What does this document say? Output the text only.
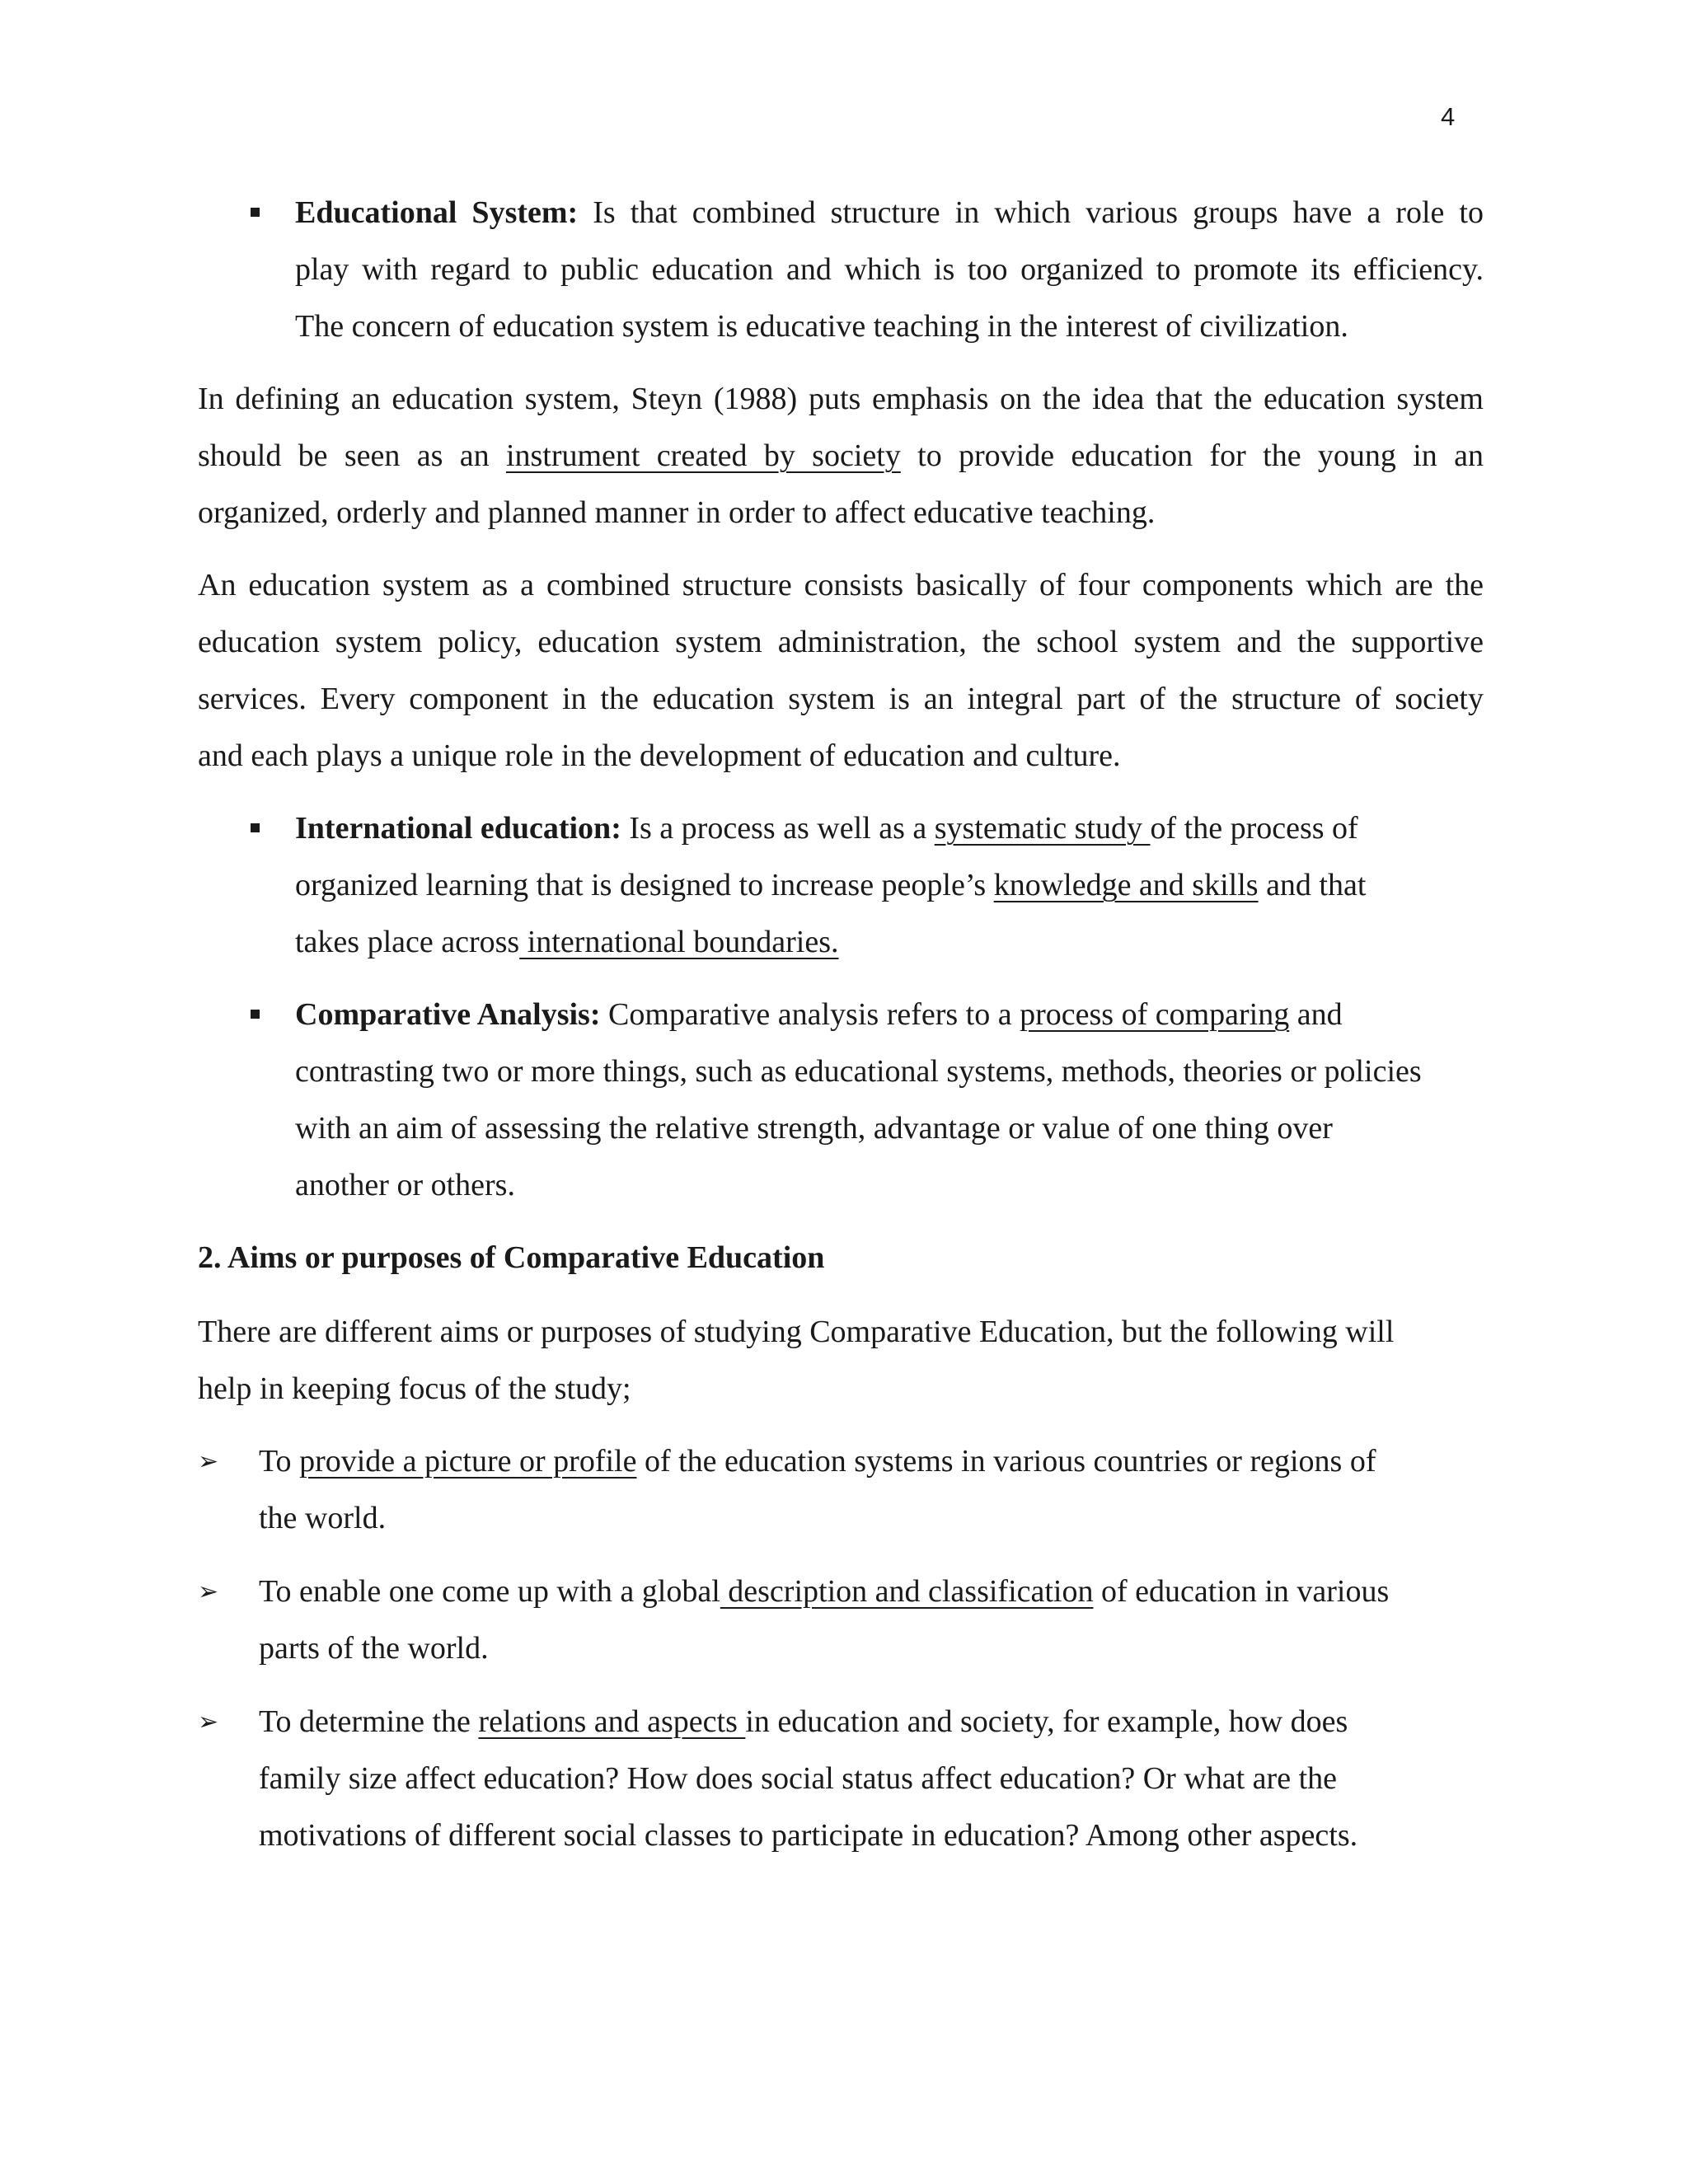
4
Educational System: Is that combined structure in which various groups have a role to
play with regard to public education and which is too organized to promote its efficiency.
The concern of education system is educative teaching in the interest of civilization.
In defining an education system, Steyn (1988) puts emphasis on the idea that the education system
should be seen as an instrument created by society to provide education for the young in an
organized, orderly and planned manner in order to affect educative teaching.
An education system as a combined structure consists basically of four components which are the
education system policy, education system administration, the school system and the supportive
services. Every component in the education system is an integral part of the structure of society
and each plays a unique role in the development of education and culture.
International education: Is a process as well as a systematic study of the process of
organized learning that is designed to increase people’s knowledge and skills and that
takes place across international boundaries.
Comparative Analysis: Comparative analysis refers to a process of comparing and
contrasting two or more things, such as educational systems, methods, theories or policies
with an aim of assessing the relative strength, advantage or value of one thing over
another or others.
2. Aims or purposes of Comparative Education
There are different aims or purposes of studying Comparative Education, but the following will
help in keeping focus of the study;
➢ To provide a picture or profile of the education systems in various countries or regions of
the world.
➢ To enable one come up with a global description and classification of education in various
parts of the world.
➢ To determine the relations and aspects in education and society, for example, how does
family size affect education? How does social status affect education? Or what are the
motivations of different social classes to participate in education? Among other aspects.
